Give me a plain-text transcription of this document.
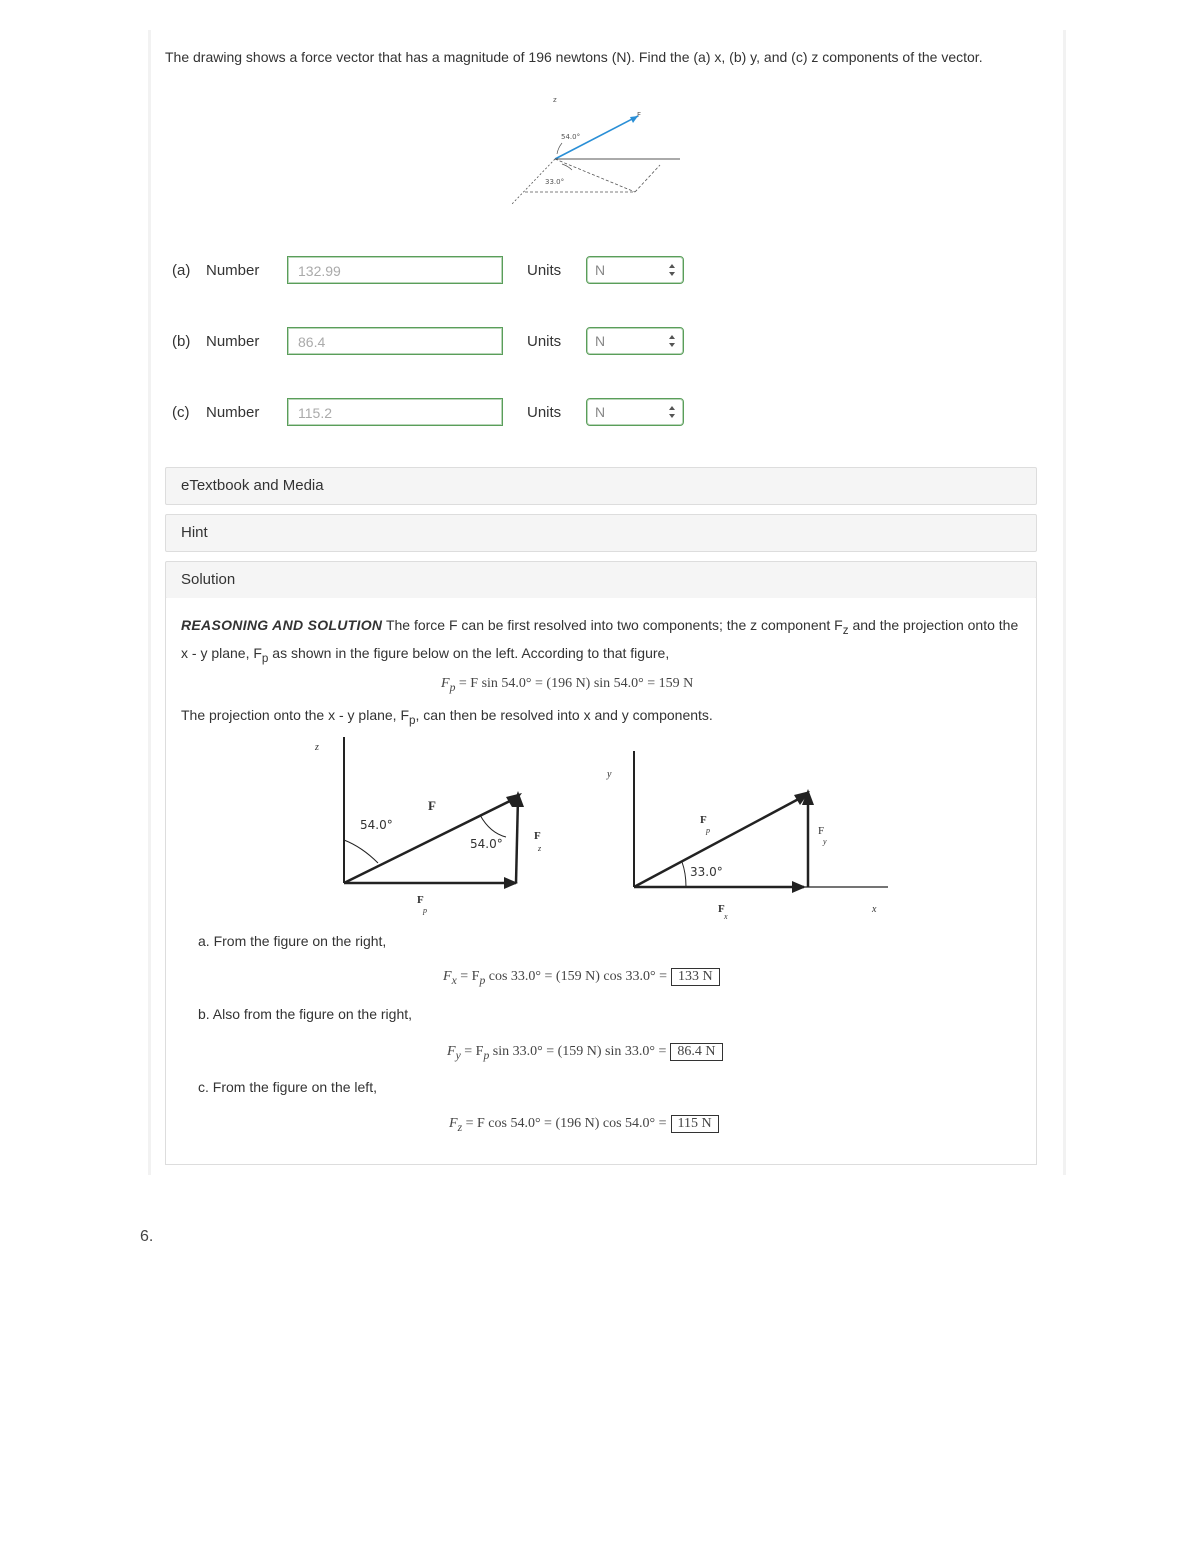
The drawing shows a force vector that has a magnitude of 196 newtons (N). Find the (a) x, (b) y, and (c) z components of the vector.
z
F
54.0°
33.0°
(a) Number	132.99	Units N
(b) Number	86.4	Units N
(c) Number	115.2	Units N
eTextbook and Media
Hint
Solution
REASONING AND SOLUTION The force F can be first resolved into two components; the z component $F_z$ and the projection onto the x - y plane, $F_p$ as shown in the figure below on the left. According to that figure,
$F_p = F$ sin 54.0° = (196 N) sin 54.0° = 159 N
The projection onto the x - y plane, $F_p$, can then be resolved into x and y components.
z
54.0°
54.0°
F
F
z
F
p
y
x
33.0°
F
p	F
y
F
x
a. From the figure on the right,
$F_x = F_p$ cos 33.0° = (159 N) cos 33.0° = 133 N
b. Also from the figure on the right,
$F_y = F_p$ sin 33.0° = (159 N) sin 33.0° = 86.4 N
c. From the figure on the left,
$F_z = F$ cos 54.0° = (196 N) cos 54.0° = 115 N
6.
